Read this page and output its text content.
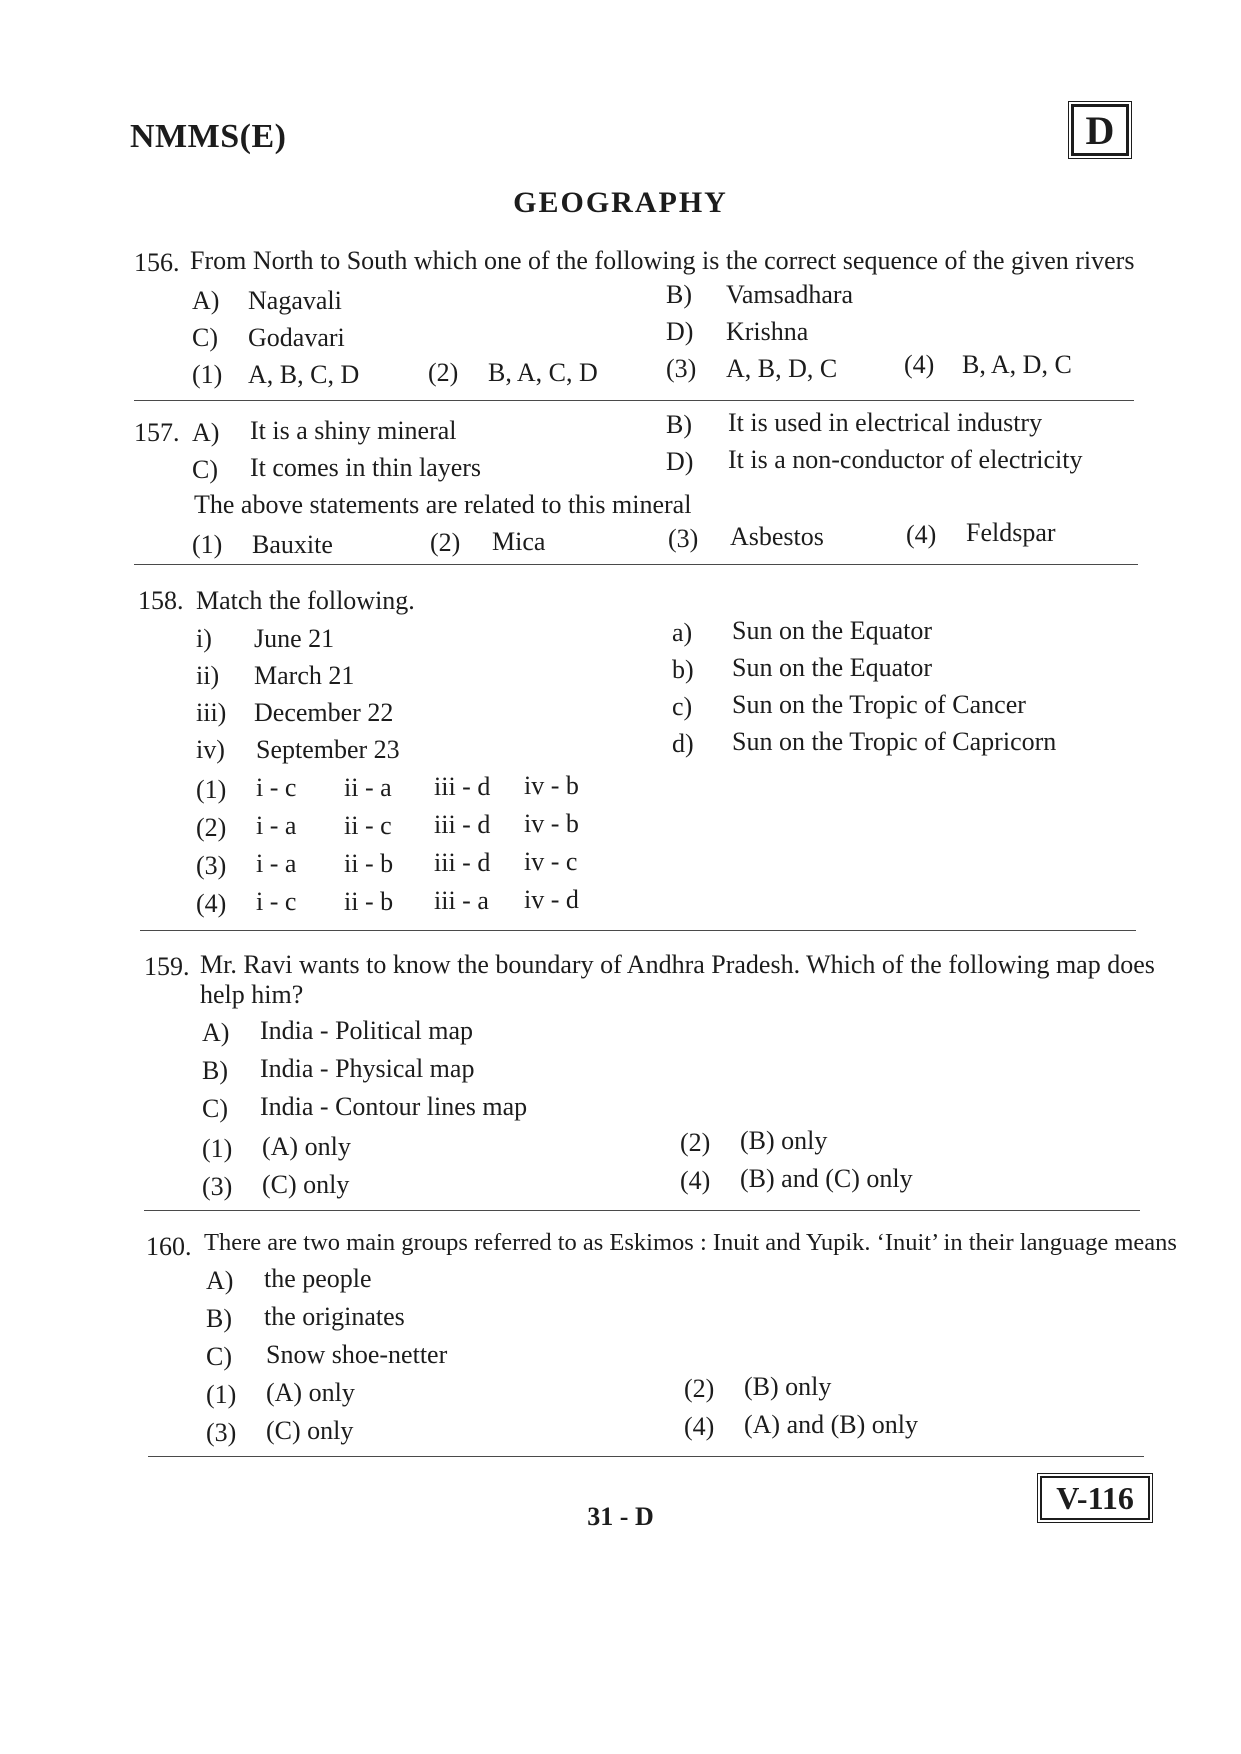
NMMS(E)	D
GEOGRAPHY
156. From North to South which one of the following is the correct sequence of the given rivers
A) Nagavali	B) Vamsadhara
C) Godavari	D) Krishna
(1) A, B, C, D	(2) B, A, C, D	(3) A, B, D, C	(4) B, A, D, C
157. A) It is a shiny mineral	B) It is used in electrical industry
C) It comes in thin layers	D) It is a non-conductor of electricity
The above statements are related to this mineral
(1) Bauxite	(2) Mica	(3) Asbestos	(4) Feldspar
158. Match the following.
i) June 21
ii) March 21
iii) December 22
iv) September 23
a) Sun on the Equator
b) Sun on the Equator
c) Sun on the Tropic of Cancer
d) Sun on the Tropic of Capricorn
(1) i - c ii - a iii - d iv - b
(2) i - a ii - c iii - d iv - b
(3) i - a ii - b iii - d iv - c
(4) i - c ii - b iii - a iv - d
159. Mr. Ravi wants to know the boundary of Andhra Pradesh. Which of the following map does
help him?
A) India - Political map
B) India - Physical map
C) India - Contour lines map
(1) (A) only	(2) (B) only
(3) (C) only	(4) (B) and (C) only
160. There are two main groups referred to as Eskimos : Inuit and Yupik. ‘Inuit’ in their language means
A) the people
B) the originates
C) Snow shoe-netter
(1) (A) only	(2) (B) only
(3) (C) only	(4) (A) and (B) only
V-116
31 - D
